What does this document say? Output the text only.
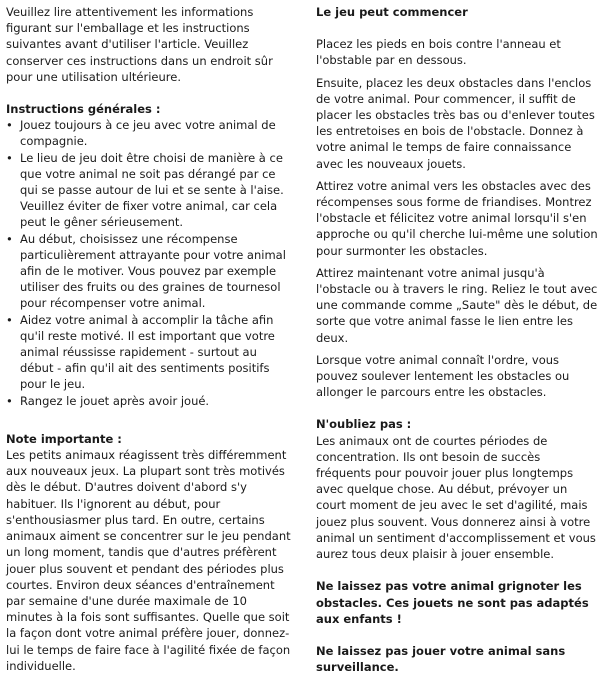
Veuillez lire attentivement les informations figurant sur l'emballage et les instructions suivantes avant d'utiliser l'article. Veuillez conserver ces instructions dans un endroit sûr pour une utilisation ultérieure.

Instructions générales :
• Jouez toujours à ce jeu avec votre animal de compagnie.
• Le lieu de jeu doit être choisi de manière à ce que votre animal ne soit pas dérangé par ce qui se passe autour de lui et se sente à l'aise. Veuillez éviter de fixer votre animal, car cela peut le gêner sérieusement.
• Au début, choisissez une récompense particulièrement attrayante pour votre animal afin de le motiver. Vous pouvez par exemple utiliser des fruits ou des graines de tournesol pour récompenser votre animal.
• Aidez votre animal à accomplir la tâche afin qu'il reste motivé. Il est important que votre animal réussisse rapidement - surtout au début - afin qu'il ait des sentiments positifs pour le jeu.
• Rangez le jouet après avoir joué.
Note importante :

Les petits animaux réagissent très différemment aux nouveaux jeux. La plupart sont très motivés dès le début. D'autres doivent d'abord s'y habituer. Ils l'ignorent au début, pour s'enthousiasmer plus tard. En outre, certains animaux aiment se concentrer sur le jeu pendant un long moment, tandis que d'autres préfèrent jouer plus souvent et pendant des périodes plus courtes. Environ deux séances d'entraînement par semaine d'une durée maximale de 10 minutes à la fois sont suffisantes. Quelle que soit la façon dont votre animal préfère jouer, donnez-lui le temps de faire face à l'agilité fixée de façon individuelle.

Le jeu peut commencer

Placez les pieds en bois contre l'anneau et l'obstable par en dessous.

Ensuite, placez les deux obstacles dans l'enclos de votre animal. Pour commencer, il suffit de placer les obstacles très bas ou d'enlever toutes les entretoises en bois de l'obstacle. Donnez à votre animal le temps de faire connaissance avec les nouveaux jouets.

Attirez votre animal vers les obstacles avec des récompenses sous forme de friandises. Montrez l'obstacle et félicitez votre animal lorsqu'il s'en approche ou qu'il cherche lui-même une solution pour surmonter les obstacles.

Attirez maintenant votre animal jusqu'à l'obstacle ou à travers le ring. Reliez le tout avec une commande comme „Saute" dès le début, de sorte que votre animal fasse le lien entre les deux.

Lorsque votre animal connaît l'ordre, vous pouvez soulever lentement les obstacles ou allonger le parcours entre les obstacles.

N'oubliez pas :

Les animaux ont de courtes périodes de concentration. Ils ont besoin de succès fréquents pour pouvoir jouer plus longtemps avec quelque chose. Au début, prévoyer un court moment de jeu avec le set d'agilité, mais jouez plus souvent. Vous donnerez ainsi à votre animal un sentiment d'accomplissement et vous aurez tous deux plaisir à jouer ensemble.

Ne laissez pas votre animal grignoter les obstacles. Ces jouets ne sont pas adaptés aux enfants !

Ne laissez pas jouer votre animal sans surveillance.
